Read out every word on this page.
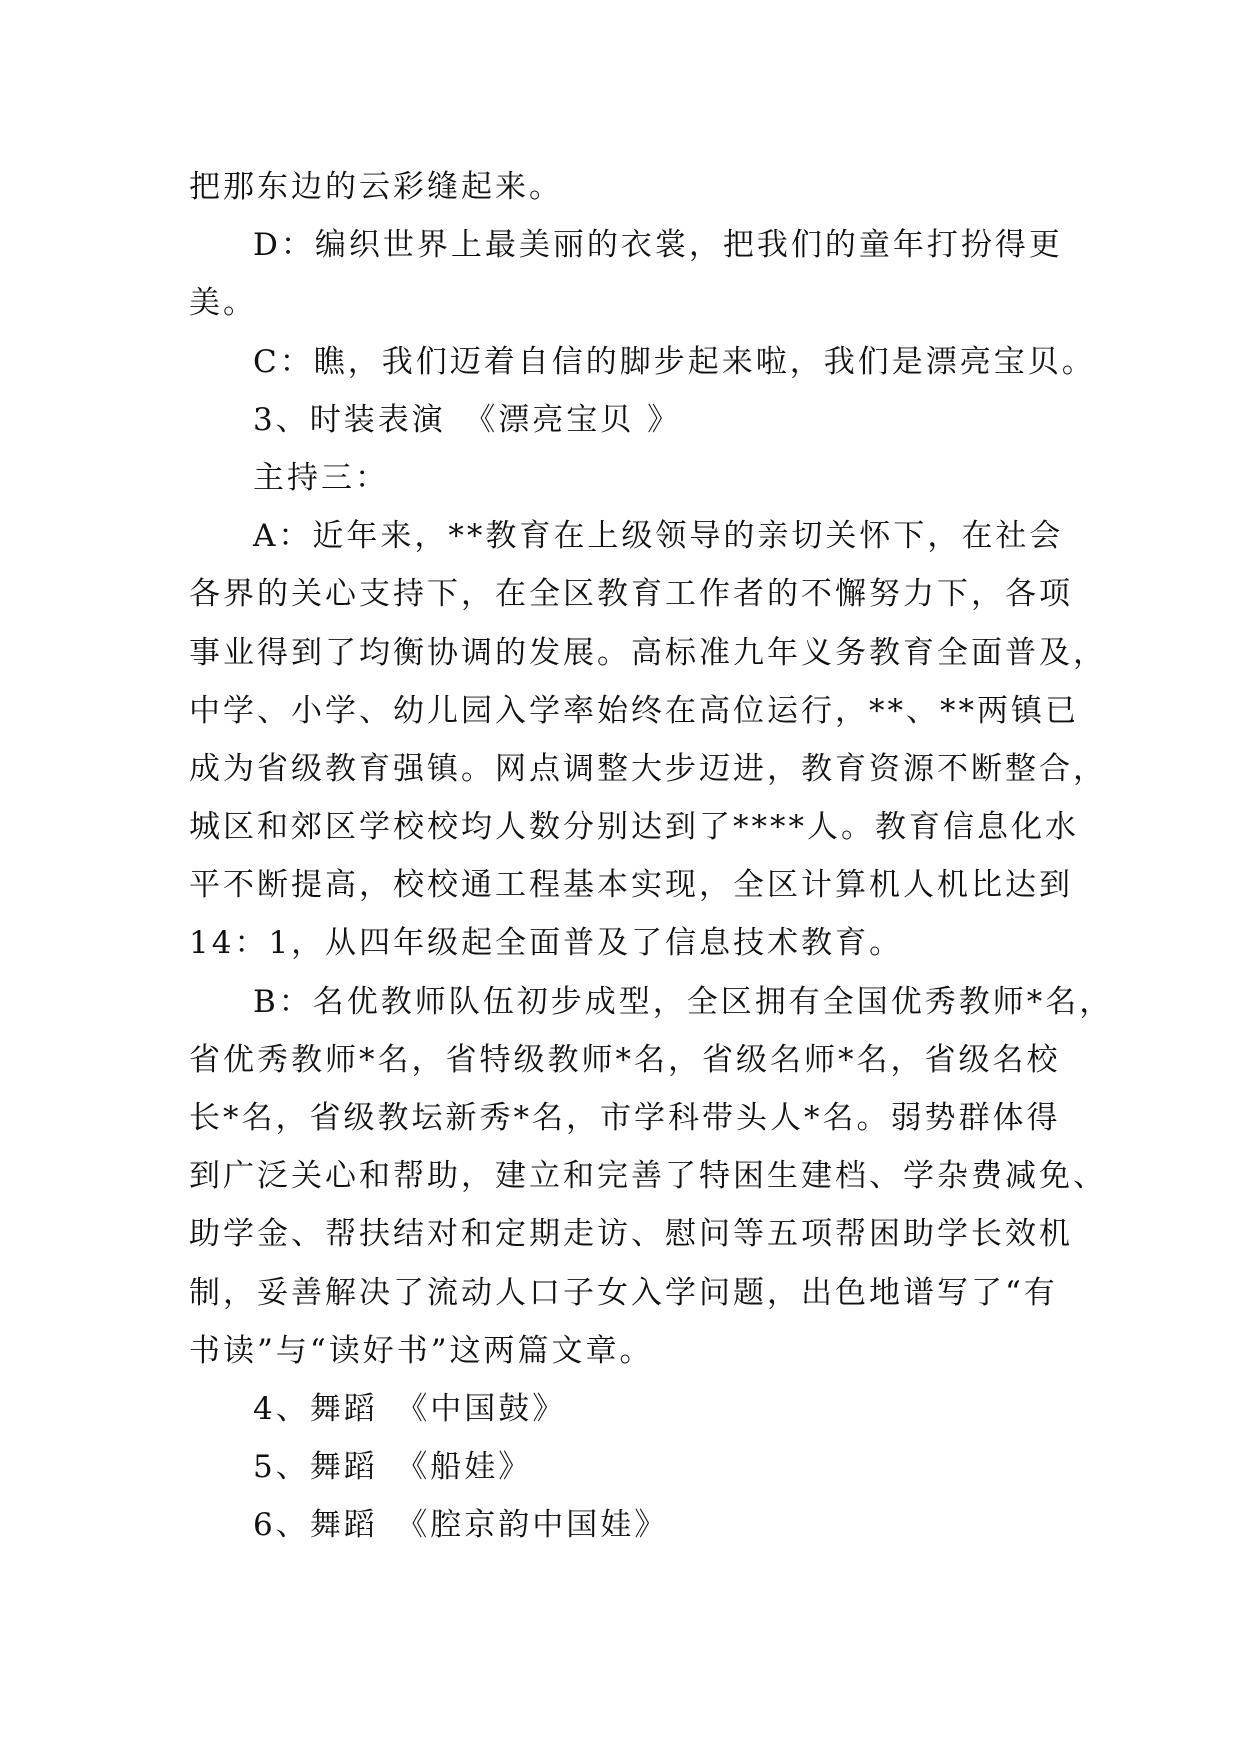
把那东边的云彩缝起来。
D：编织世界上最美丽的衣裳，把我们的童年打扮得更
美。
C：瞧，我们迈着自信的脚步起来啦，我们是漂亮宝贝。
3、时装表演　《漂亮宝贝 》
主持三：
A：近年来，**教育在上级领导的亲切关怀下，在社会
各界的关心支持下，在全区教育工作者的不懈努力下，各项
事业得到了均衡协调的发展。高标准九年义务教育全面普及，
中学、小学、幼儿园入学率始终在高位运行，**、**两镇已
成为省级教育强镇。网点调整大步迈进，教育资源不断整合，
城区和郊区学校校均人数分别达到了****人。教育信息化水
平不断提高，校校通工程基本实现，全区计算机人机比达到
14：1，从四年级起全面普及了信息技术教育。
B：名优教师队伍初步成型，全区拥有全国优秀教师*名，
省优秀教师*名，省特级教师*名，省级名师*名，省级名校
长*名，省级教坛新秀*名，市学科带头人*名。弱势群体得
到广泛关心和帮助，建立和完善了特困生建档、学杂费减免、
助学金、帮扶结对和定期走访、慰问等五项帮困助学长效机
制，妥善解决了流动人口子女入学问题，出色地谱写了“有
书读”与“读好书”这两篇文章。
4、舞蹈　《中国鼓》
5、舞蹈　《船娃》
6、舞蹈　《腔京韵中国娃》
